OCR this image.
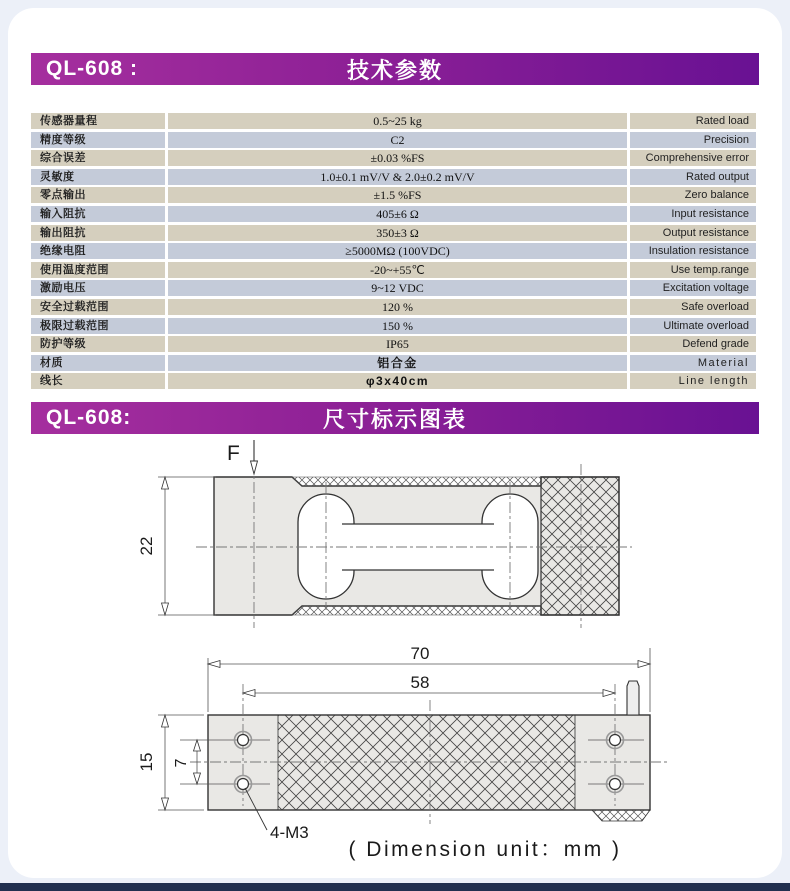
QL-608 :	技术参数
传感器量程	0.5~25 kg	Rated load
精度等级	C2	Precision
综合误差	±0.03 %FS	Comprehensive error
灵敏度	1.0±0.1 mV/V & 2.0±0.2 mV/V	Rated output
零点输出	±1.5 %FS	Zero balance
输入阻抗	405±6 Ω	Input resistance
输出阻抗	350±3 Ω	Output resistance
绝缘电阻	≥5000MΩ (100VDC)	Insulation resistance
使用温度范围	-20~+55℃	Use temp.range
激励电压	9~12 VDC	Excitation voltage
安全过载范围	120 %	Safe overload
极限过载范围	150 %	Ultimate overload
防护等级	IP65	Defend grade
材质	铝合金	Material
线长	φ3x40cm	Line length
QL-608:	尺寸标示图表
F
22
70
58
15 7
4-M3
( Dimension unit：mm )
